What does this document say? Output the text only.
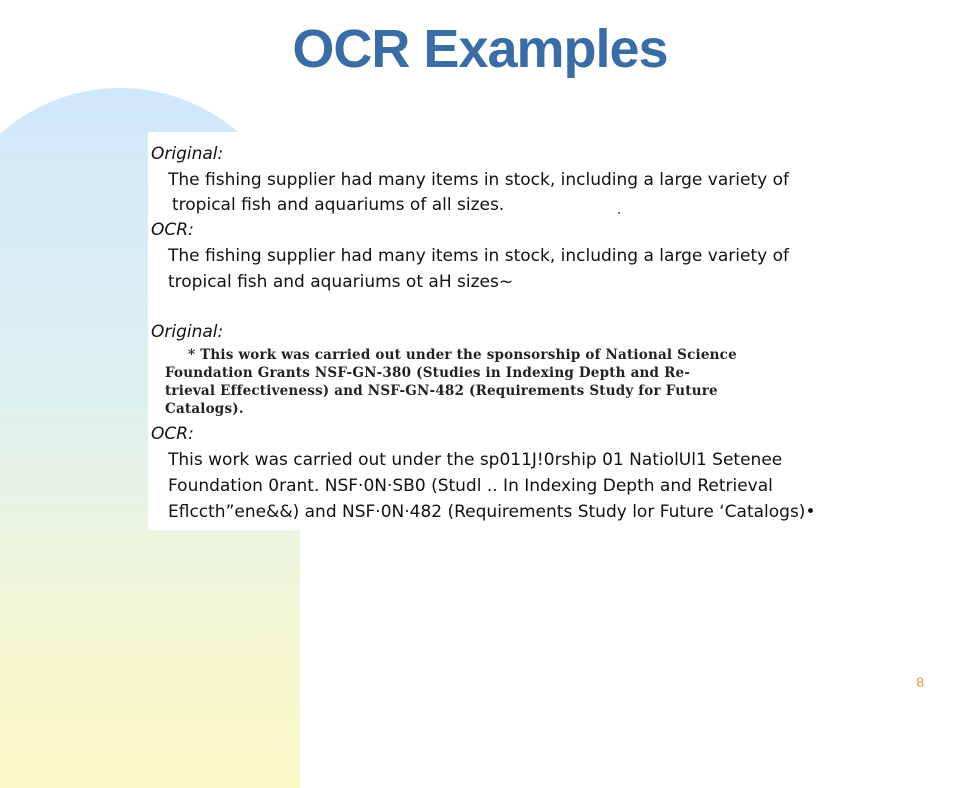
OCR Examples
Original:
The fishing supplier had many items in stock, including a large variety of
tropical fish and aquariums of all sizes.
OCR:
The fishing supplier had many items in stock, including a large variety of
tropical fish and aquariums ot aH sizes~
Original:
* This work was carried out under the sponsorship of National Science
Foundation Grants NSF-GN-380 (Studies in Indexing Depth and Re-
trieval Effectiveness) and NSF-GN-482 (Requirements Study for Future
Catalogs).
OCR:
This work was carried out under the sp011J!0rship 01 NatiolUl1 Setenee
Foundation 0rant. NSF·0N·SB0 (Studl .. In Indexing Depth and Retrieval
Eflccth”ene&&) and NSF·0N·482 (Requirements Study lor Future ‘Catalogs)•
8
